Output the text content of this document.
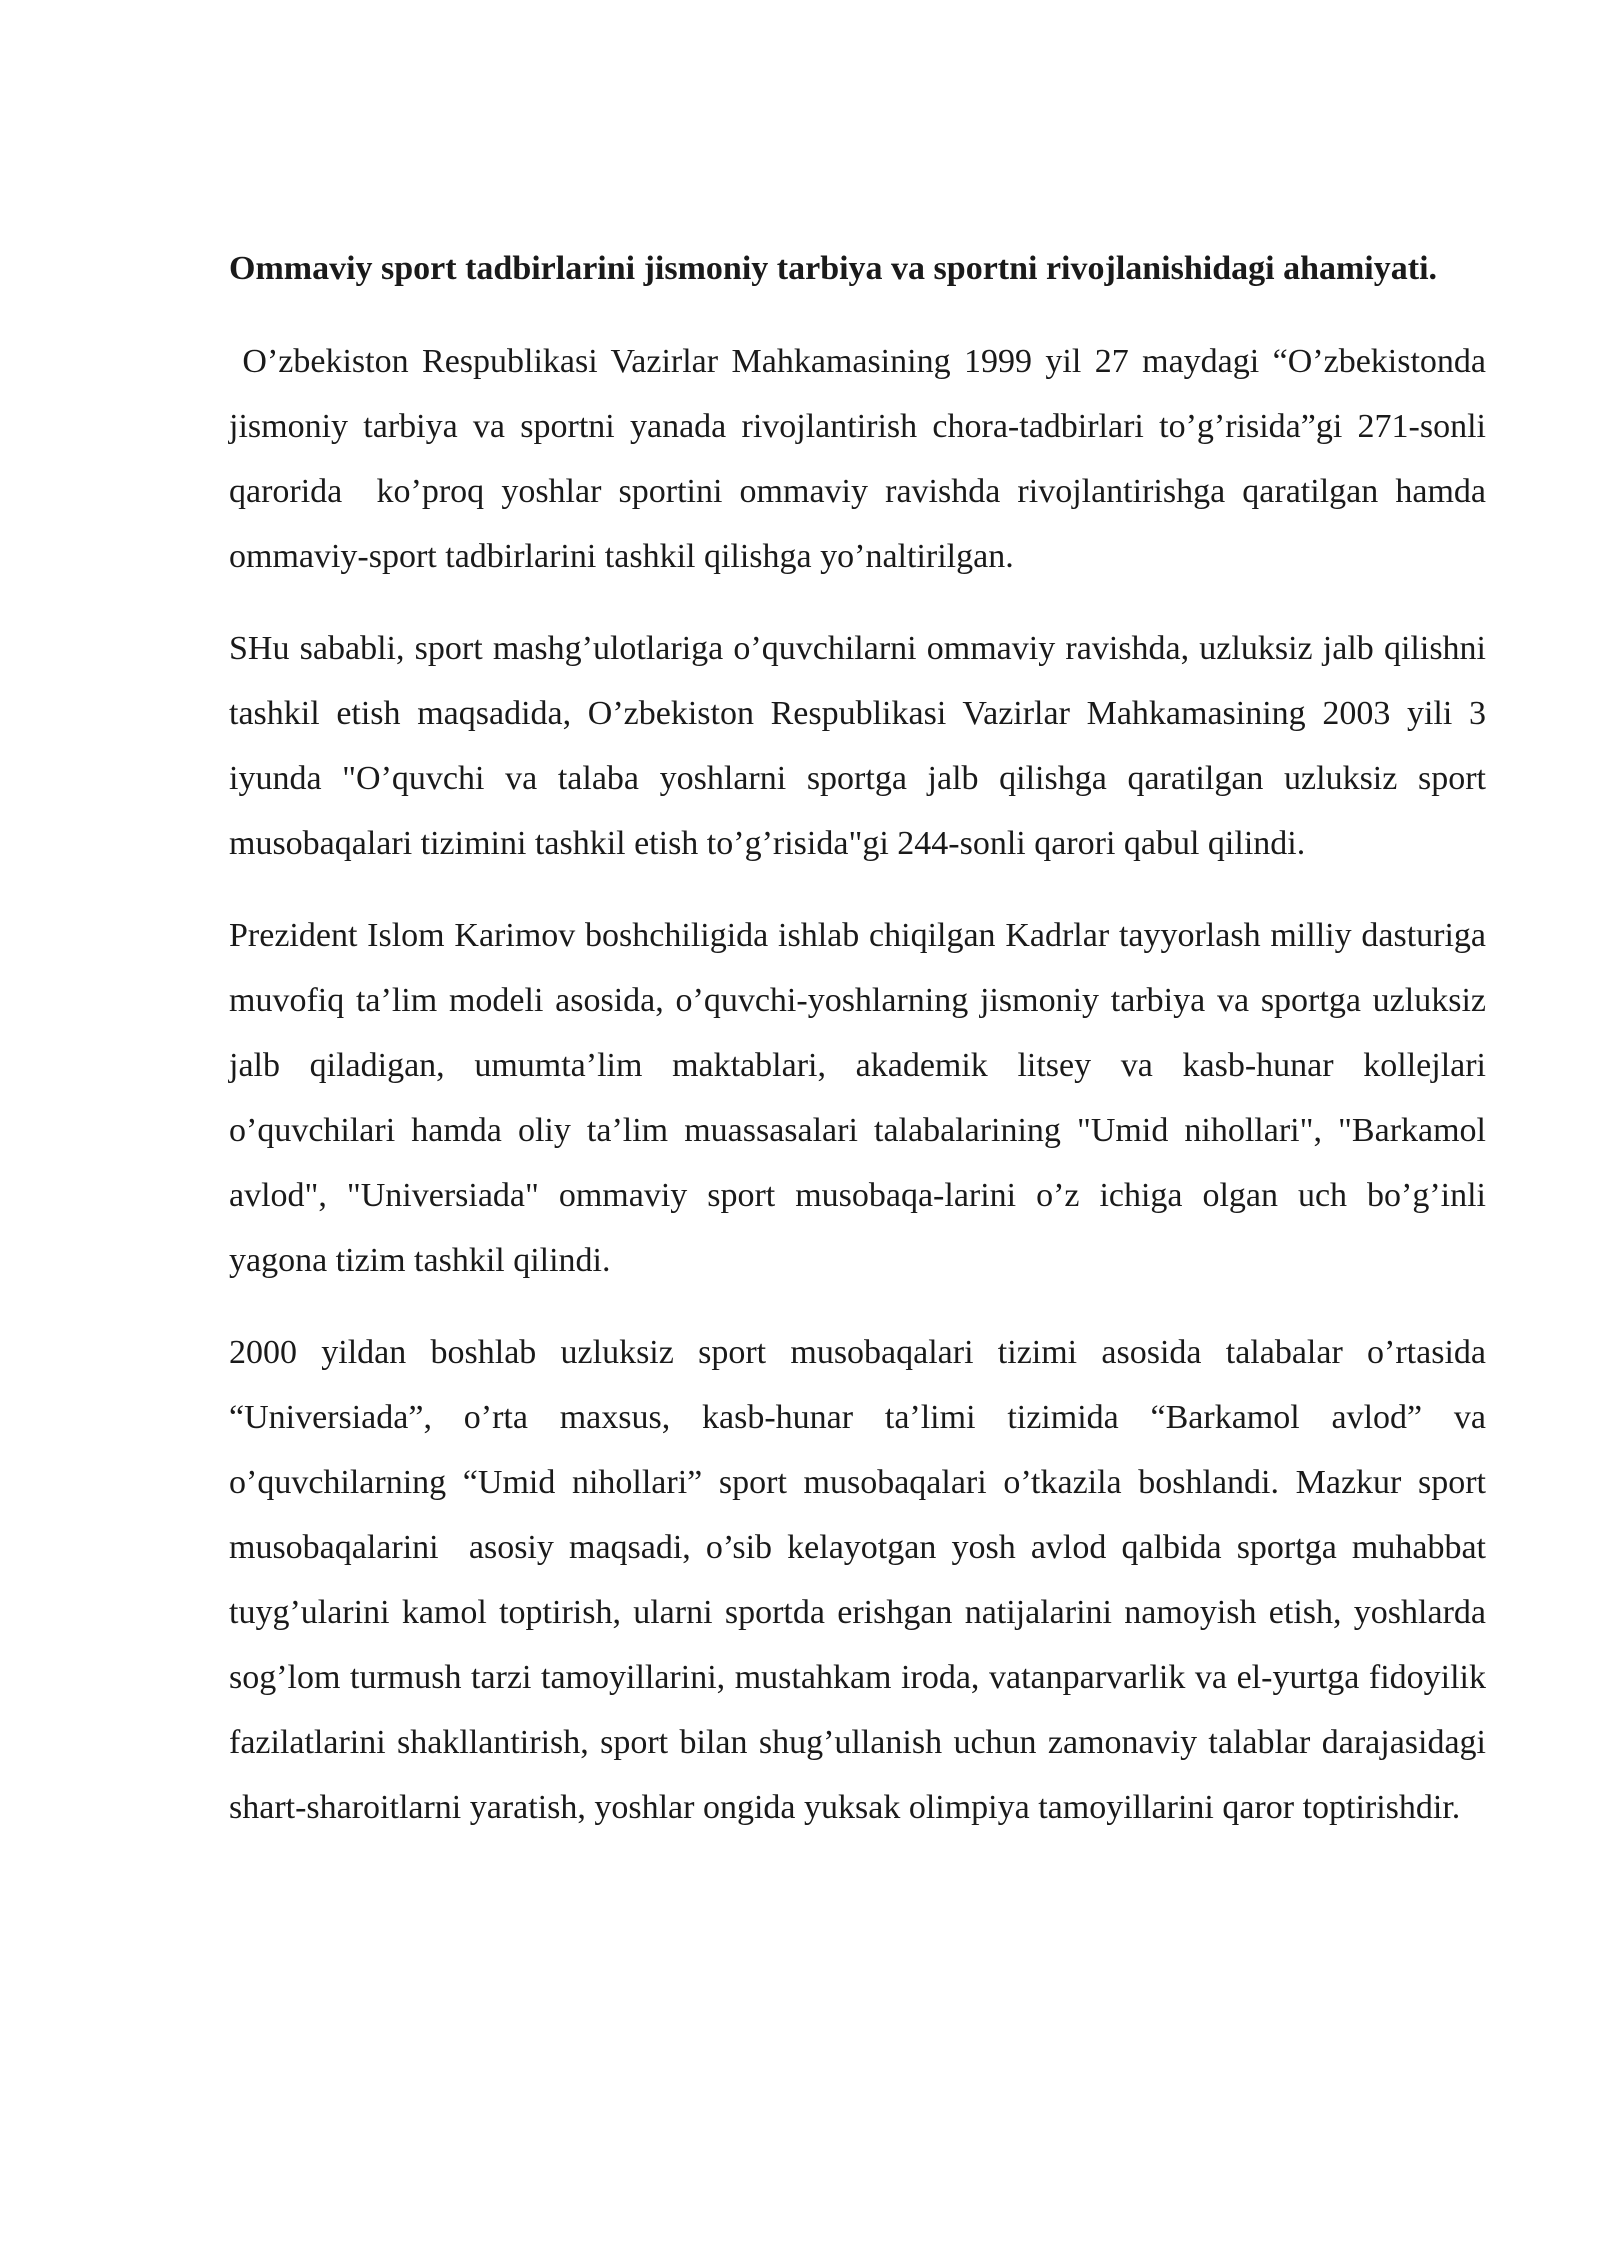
Ommaviy sport tadbirlarini jismoniy tarbiya va sportni rivojlanishidagi ahamiyati.

O’zbekiston Respublikasi Vazirlar Mahkamasining 1999 yil 27 maydagi “O’zbekistonda jismoniy tarbiya va sportni yanada rivojlantirish chora-tadbirlari to’g’risida”gi 271-sonli  qarorida  ko’proq yoshlar sportini ommaviy ravishda rivojlantirishga qaratilgan hamda ommaviy-sport tadbirlarini tashkil qilishga yo’naltirilgan.

SHu sababli, sport mashg’ulotlariga o’quvchilarni ommaviy ravishda, uzluksiz jalb qilishni tashkil etish maqsadida, O’zbekiston Respublikasi Vazirlar Mahkamasining 2003 yili 3 iyunda "O’quvchi va talaba yoshlarni sportga jalb qilishga qaratilgan uzluksiz sport musobaqalari tizimini tashkil etish to’g’risida"gi 244-sonli qarori qabul qilindi.

Prezident Islom Karimov boshchiligida ishlab chiqilgan Kadrlar tayyorlash milliy dasturiga muvofiq ta’lim modeli asosida, o’quvchi-yoshlarning jismoniy tarbiya va sportga uzluksiz jalb qiladigan, umumta’lim maktablari, akademik litsey va kasb-hunar kollejlari o’quvchilari hamda oliy ta’lim muassasalari talabalarining "Umid nihollari", "Barkamol avlod", "Universiada" ommaviy sport musobaqa-larini o’z ichiga olgan uch bo’g’inli yagona tizim tashkil qilindi.

2000 yildan boshlab uzluksiz sport musobaqalari tizimi asosida talabalar o’rtasida “Universiada”, o’rta maxsus, kasb-hunar ta’limi tizimida “Barkamol avlod” va o’quvchilarning “Umid nihollari” sport musobaqalari o’tkazila boshlandi. Mazkur sport  musobaqalarini  asosiy maqsadi, o’sib kelayotgan yosh avlod qalbida sportga muhabbat tuyg’ularini kamol toptirish, ularni sportda erishgan natijalarini namoyish etish, yoshlarda sog’lom turmush tarzi tamoyillarini, mustahkam iroda, vatanparvarlik va el-yurtga fidoyilik fazilatlarini shakllantirish, sport bilan shug’ullanish uchun zamonaviy talablar darajasidagi shart-sharoitlarni yaratish, yoshlar ongida yuksak olimpiya tamoyillarini qaror toptirishdir.
